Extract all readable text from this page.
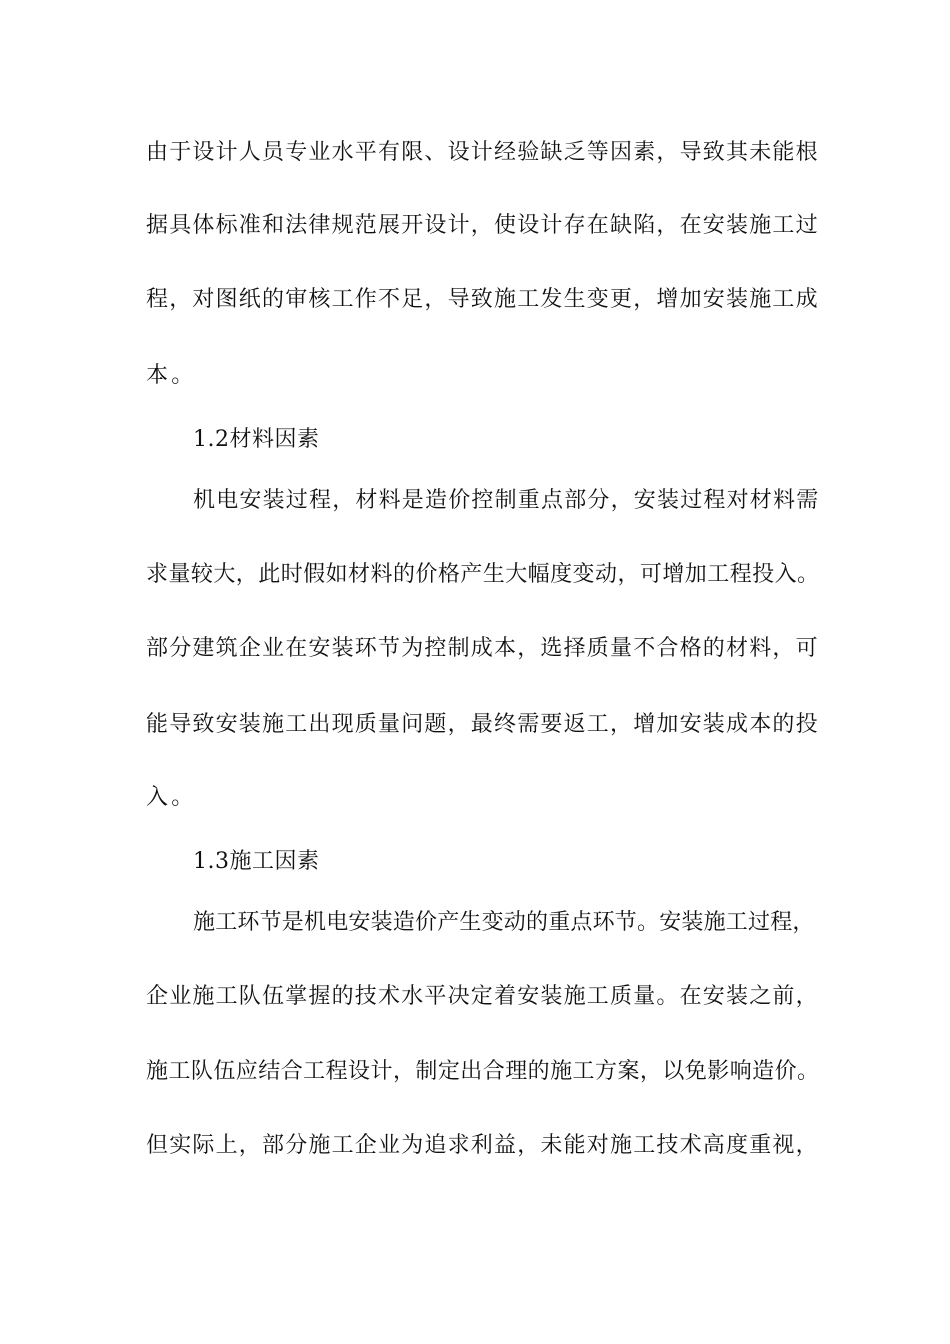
由于设计人员专业水平有限、设计经验缺乏等因素，导致其未能根
据具体标准和法律规范展开设计，使设计存在缺陷，在安装施工过
程，对图纸的审核工作不足，导致施工发生变更，增加安装施工成
本。
1.2材料因素
机电安装过程，材料是造价控制重点部分，安装过程对材料需
求量较大，此时假如材料的价格产生大幅度变动，可增加工程投入。
部分建筑企业在安装环节为控制成本，选择质量不合格的材料，可
能导致安装施工出现质量问题，最终需要返工，增加安装成本的投
入。
1.3施工因素
施工环节是机电安装造价产生变动的重点环节。安装施工过程，
企业施工队伍掌握的技术水平决定着安装施工质量。在安装之前，
施工队伍应结合工程设计，制定出合理的施工方案，以免影响造价。
但实际上，部分施工企业为追求利益，未能对施工技术高度重视，
